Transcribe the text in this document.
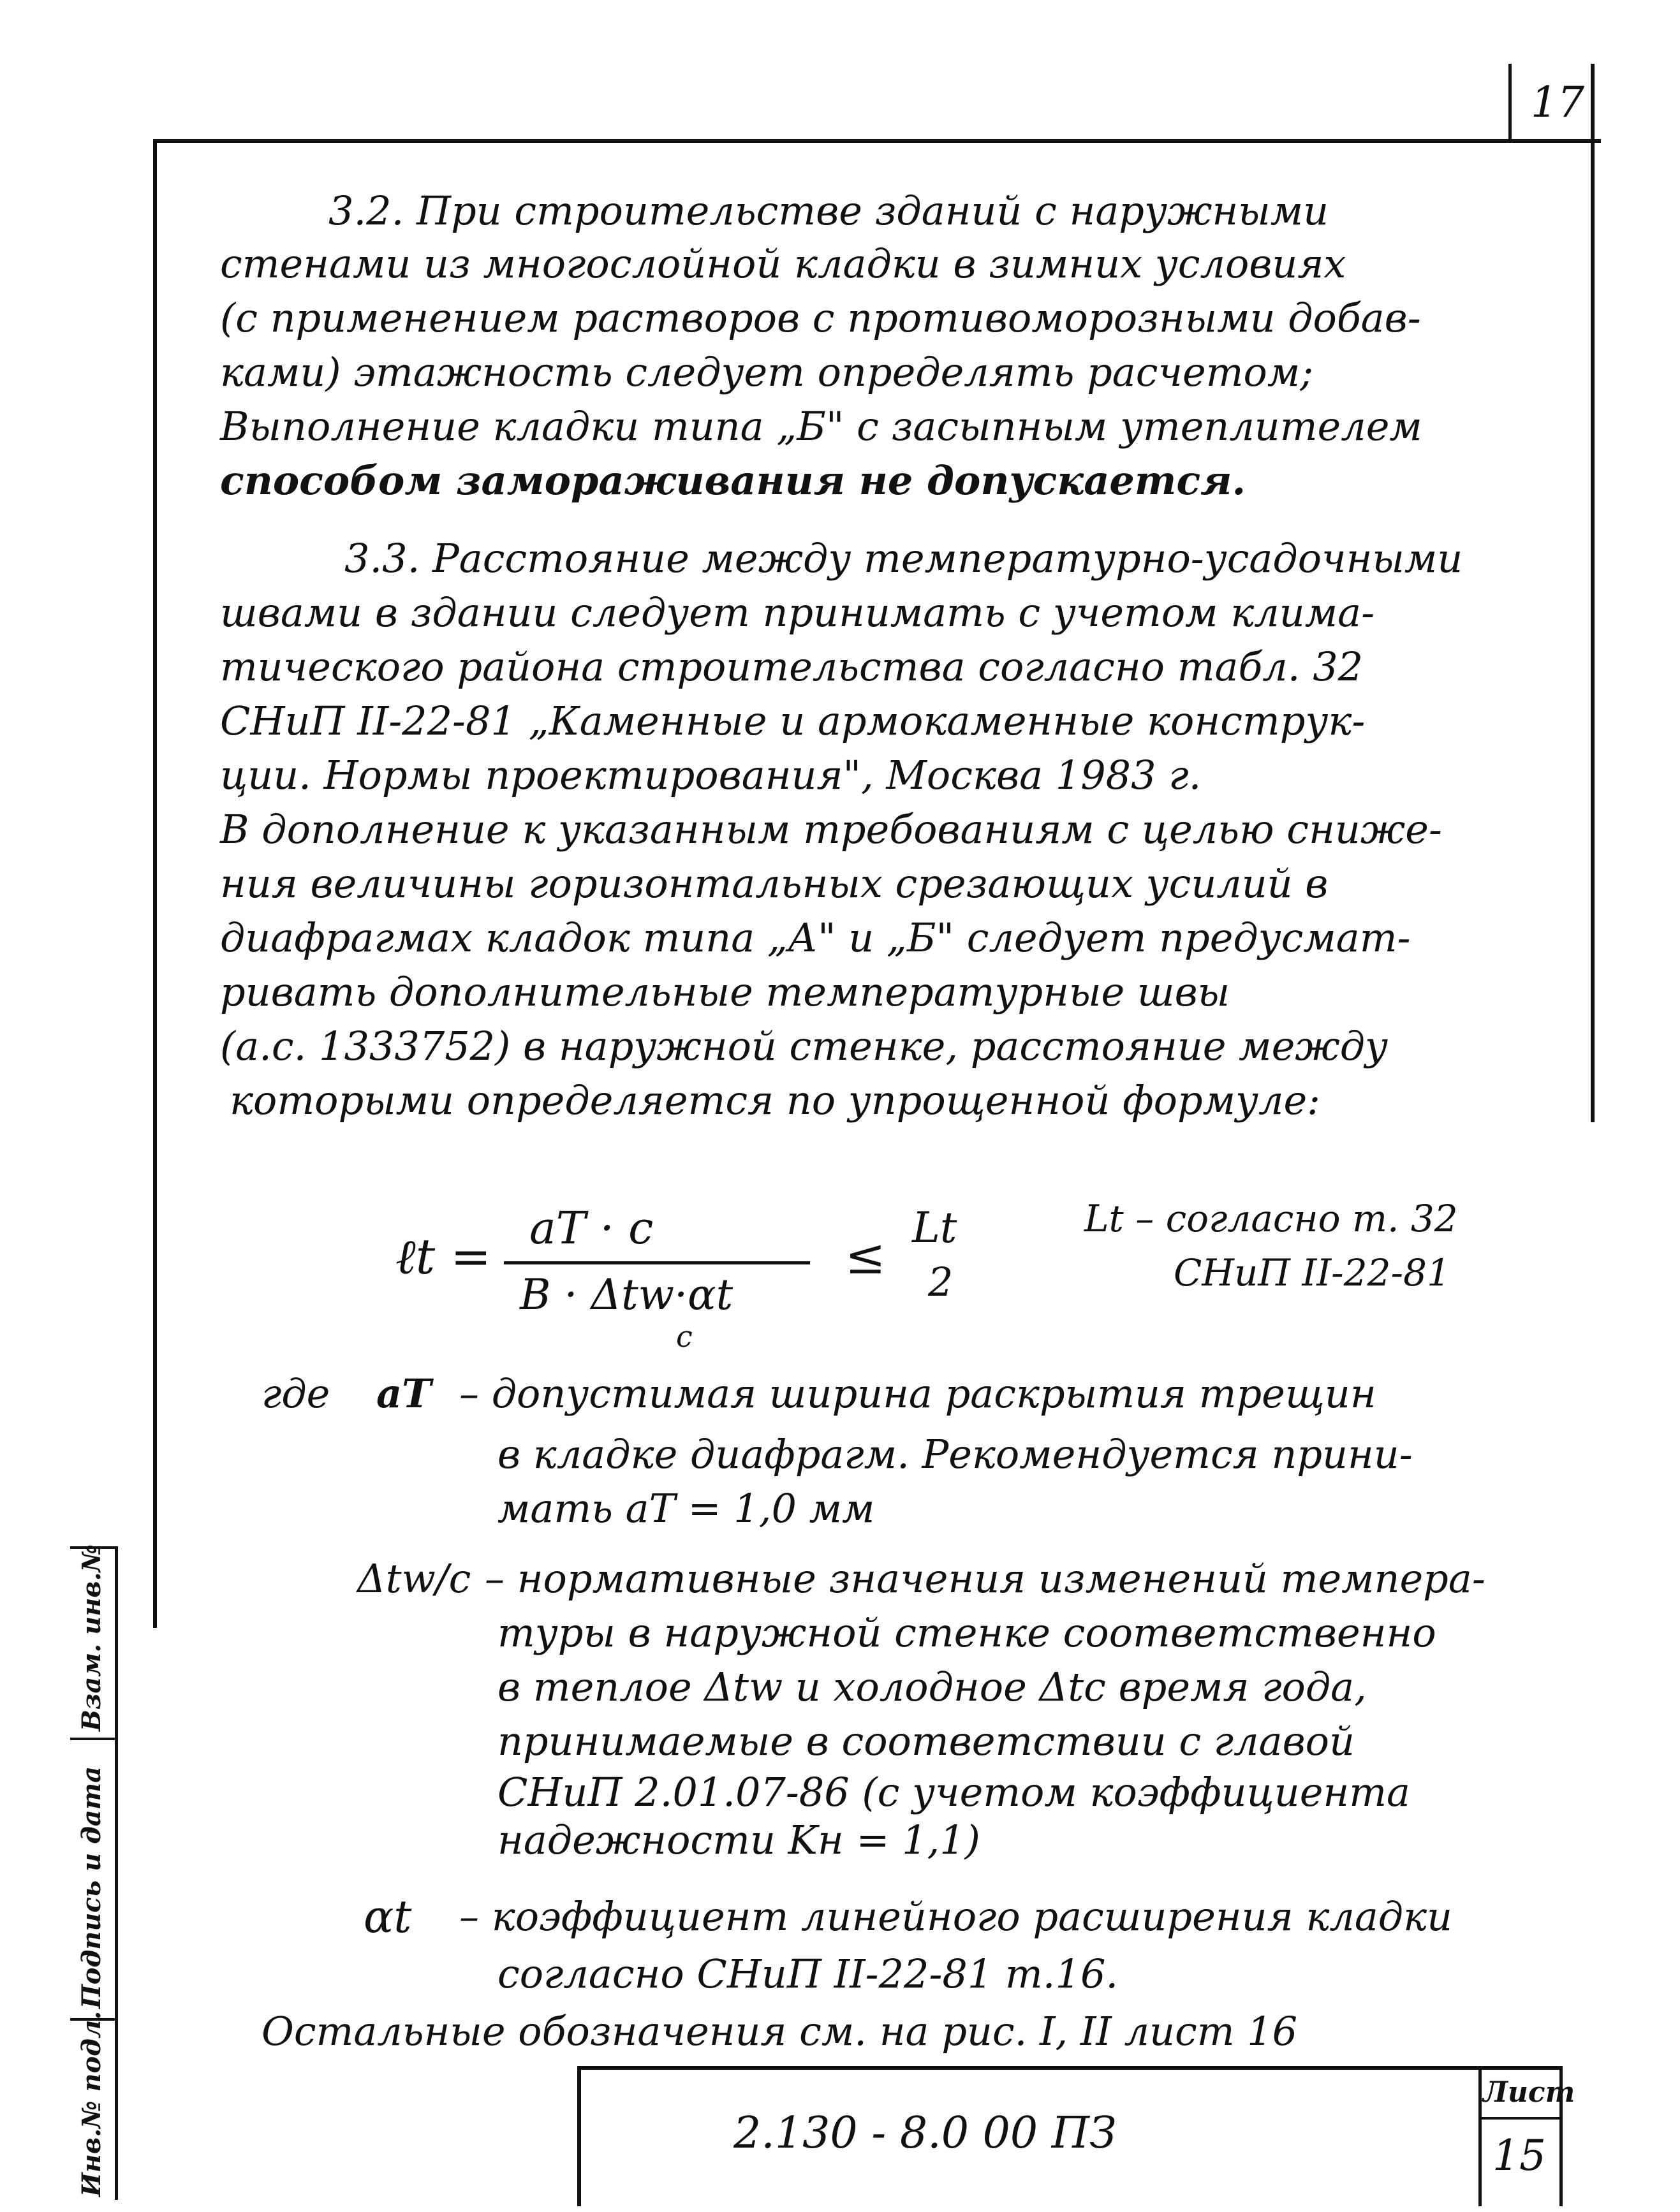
17
3.2. При строительстве зданий с наружными
стенами из многослойной кладки в зимних условиях
(с применением растворов с противоморозными добав-
ками) этажность следует определять расчетом;
Выполнение кладки типа „Б" с засыпным утеплителем
способом замораживания не допускается.
3.3. Расстояние между температурно-усадочными
швами в здании следует принимать с учетом клима-
тического района строительства согласно табл. 32
СНиП ІІ-22-81 „Каменные и армокаменные конструк-
ции. Нормы проектирования", Москва 1983 г.
В дополнение к указанным требованиям с целью сниже-
ния величины горизонтальных срезающих усилий в
диафрагмах кладок типа „А" и „Б" следует предусмат-
ривать дополнительные температурные швы
(а.с. 1333752) в наружной стенке, расстояние между
которыми определяется по упрощенной формуле:
ℓt = aT · c
B · Δtw·αt
c
≤
Lt
2
Lt – согласно т. 32
СНиП ІІ-22-81
где aT – допустимая ширина раскрытия трещин
в кладке диафрагм. Рекомендуется прини-
мать aT = 1,0 мм
Δtw/c – нормативные значения изменений темпера-
туры в наружной стенке соответственно
в теплое Δtw и холодное Δtc время года,
принимаемые в соответствии с главой
СНиП 2.01.07-86 (с учетом коэффициента
надежности Kн = 1,1)
αt – коэффициент линейного расширения кладки
согласно СНиП ІІ-22-81 т.16.
Остальные обозначения см. на рис. І, ІІ лист 16
Инв.№ подл.
Подпись и дата
Взам. инв.№
2.130 - 8.0 00 ПЗ
Лист
15
